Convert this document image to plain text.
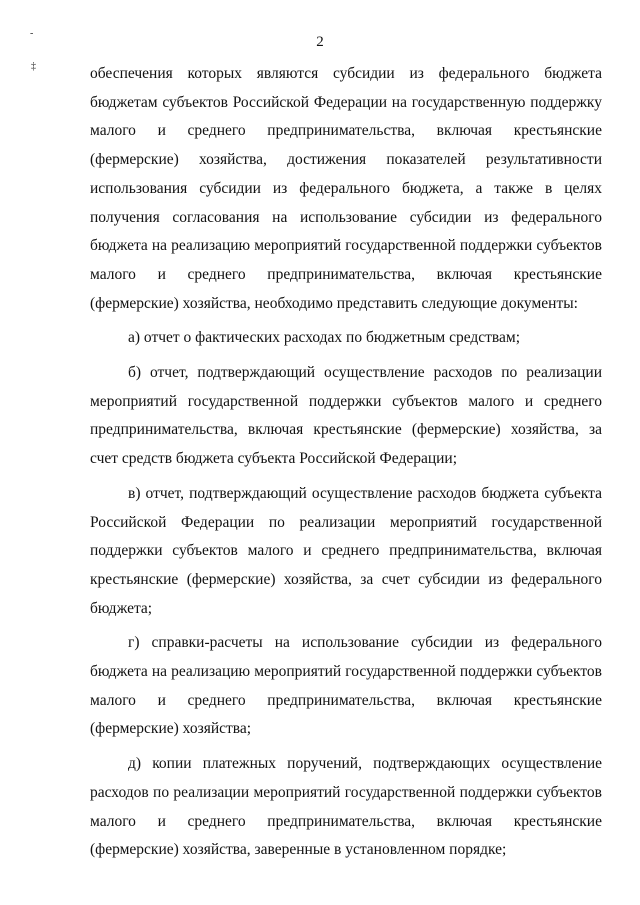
-
‡
2

обеспечения которых являются субсидии из федерального бюджета бюджетам субъектов Российской Федерации на государственную поддержку малого и среднего предпринимательства, включая крестьянские (фермерские) хозяйства, достижения показателей результативности использования субсидии из федерального бюджета, а также в целях получения согласования на использование субсидии из федерального бюджета на реализацию мероприятий государственной поддержки субъектов малого и среднего предпринимательства, включая крестьянские (фермерские) хозяйства, необходимо представить следующие документы:

а) отчет о фактических расходах по бюджетным средствам;

б) отчет, подтверждающий осуществление расходов по реализации мероприятий государственной поддержки субъектов малого и среднего предпринимательства, включая крестьянские (фермерские) хозяйства, за счет средств бюджета субъекта Российской Федерации;

в) отчет, подтверждающий осуществление расходов бюджета субъекта Российской Федерации по реализации мероприятий государственной поддержки субъектов малого и среднего предпринимательства, включая крестьянские (фермерские) хозяйства, за счет субсидии из федерального бюджета;

г) справки-расчеты на использование субсидии из федерального бюджета на реализацию мероприятий государственной поддержки субъектов малого и среднего предпринимательства, включая крестьянские (фермерские) хозяйства;

д) копии платежных поручений, подтверждающих осуществление расходов по реализации мероприятий государственной поддержки субъектов малого и среднего предпринимательства, включая крестьянские (фермерские) хозяйства, заверенные в установленном порядке;
